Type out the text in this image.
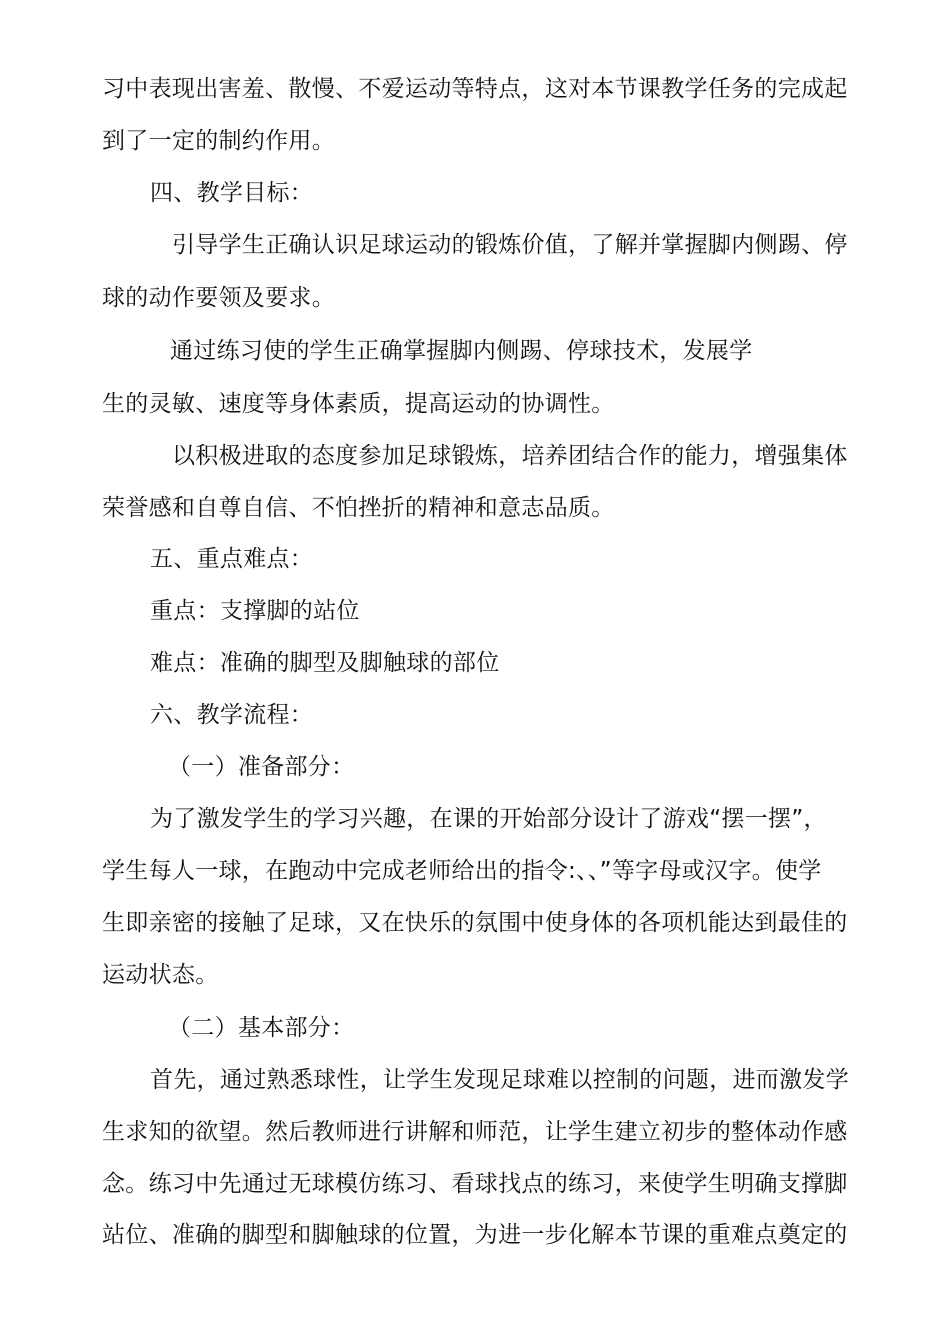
习中表现出害羞、散慢、不爱运动等特点，这对本节课教学任务的完成起
到了一定的制约作用。
四、教学目标：
引导学生正确认识足球运动的锻炼价值，了解并掌握脚内侧踢、停
球的动作要领及要求。
通过练习使的学生正确掌握脚内侧踢、停球技术，发展学
生的灵敏、速度等身体素质，提高运动的协调性。
以积极进取的态度参加足球锻炼，培养团结合作的能力，增强集体
荣誉感和自尊自信、不怕挫折的精神和意志品质。
五、重点难点：
重点：支撑脚的站位
难点：准确的脚型及脚触球的部位
六、教学流程：
（一）准备部分：
为了激发学生的学习兴趣，在课的开始部分设计了游戏“摆一摆”，
学生每人一球，在跑动中完成老师给出的指令:、、”等字母或汉字。使学
生即亲密的接触了足球，又在快乐的氛围中使身体的各项机能达到最佳的
运动状态。
（二）基本部分：
首先，通过熟悉球性，让学生发现足球难以控制的问题，进而激发学
生求知的欲望。然后教师进行讲解和师范，让学生建立初步的整体动作感
念。练习中先通过无球模仿练习、看球找点的练习，来使学生明确支撑脚
站位、准确的脚型和脚触球的位置，为进一步化解本节课的重难点奠定的
